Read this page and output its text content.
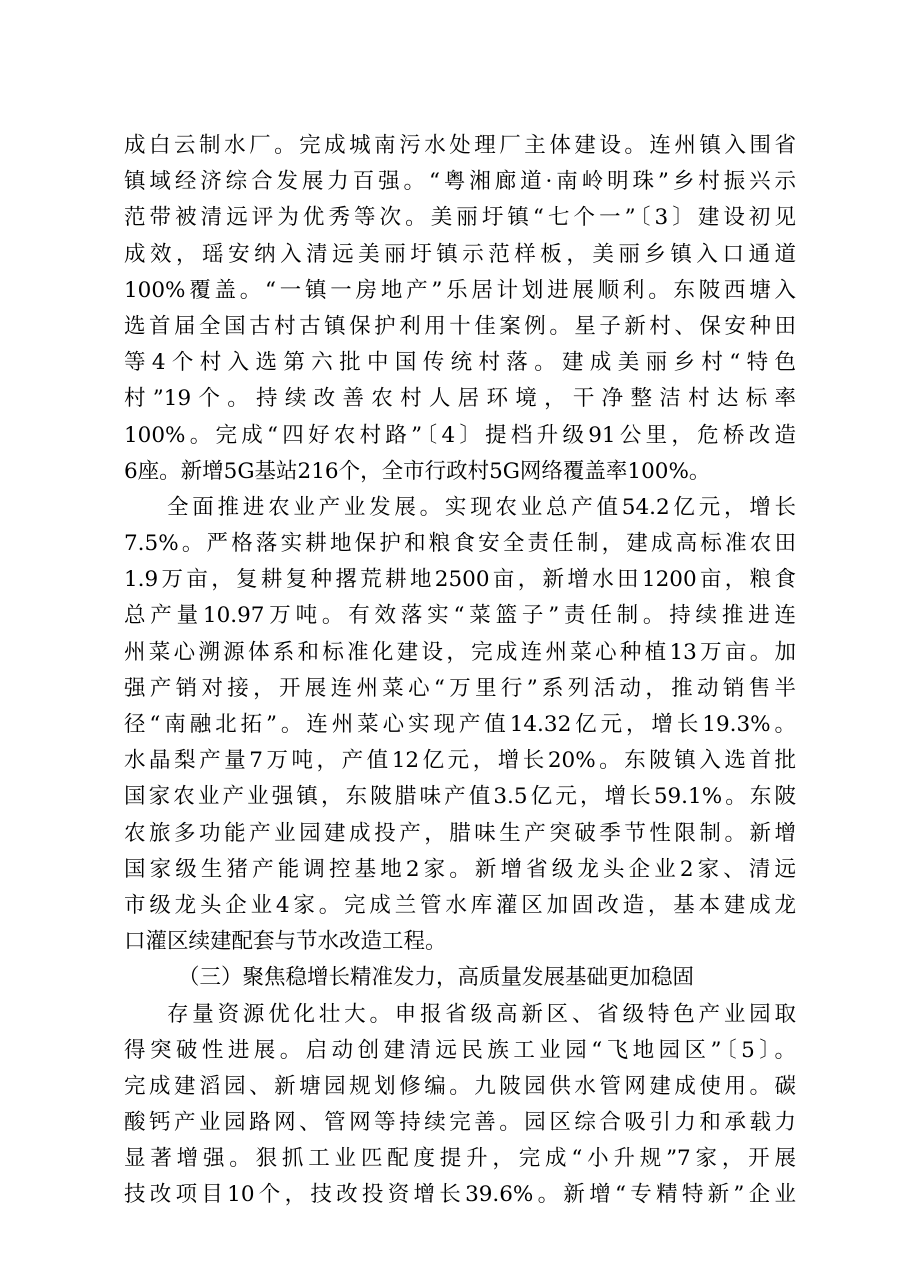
成白云制水厂。完成城南污水处理厂主体建设。连州镇入围省
镇域经济综合发展力百强。“粤湘廊道·南岭明珠”乡村振兴示
范带被清远评为优秀等次。美丽圩镇“七个一”〔3〕建设初见
成效，瑶安纳入清远美丽圩镇示范样板，美丽乡镇入口通道
100%覆盖。“一镇一房地产”乐居计划进展顺利。东陂西塘入
选首届全国古村古镇保护利用十佳案例。星子新村、保安种田
等4个村入选第六批中国传统村落。建成美丽乡村“特色
村”19个。持续改善农村人居环境，干净整洁村达标率
100%。完成“四好农村路”〔4〕提档升级91公里，危桥改造
6座。新增5G基站216个，全市行政村5G网络覆盖率100%。
全面推进农业产业发展。实现农业总产值54.2亿元，增长
7.5%。严格落实耕地保护和粮食安全责任制，建成高标准农田
1.9万亩，复耕复种撂荒耕地2500亩，新增水田1200亩，粮食
总产量10.97万吨。有效落实“菜篮子”责任制。持续推进连
州菜心溯源体系和标准化建设，完成连州菜心种植13万亩。加
强产销对接，开展连州菜心“万里行”系列活动，推动销售半
径“南融北拓”。连州菜心实现产值14.32亿元，增长19.3%。
水晶梨产量7万吨，产值12亿元，增长20%。东陂镇入选首批
国家农业产业强镇，东陂腊味产值3.5亿元，增长59.1%。东陂
农旅多功能产业园建成投产，腊味生产突破季节性限制。新增
国家级生猪产能调控基地2家。新增省级龙头企业2家、清远
市级龙头企业4家。完成兰管水库灌区加固改造，基本建成龙
口灌区续建配套与节水改造工程。
（三）聚焦稳增长精准发力，高质量发展基础更加稳固
存量资源优化壮大。申报省级高新区、省级特色产业园取
得突破性进展。启动创建清远民族工业园“飞地园区”〔5〕。
完成建滔园、新塘园规划修编。九陂园供水管网建成使用。碳
酸钙产业园路网、管网等持续完善。园区综合吸引力和承载力
显著增强。狠抓工业匹配度提升，完成“小升规”7家，开展
技改项目10个，技改投资增长39.6%。新增“专精特新”企业
